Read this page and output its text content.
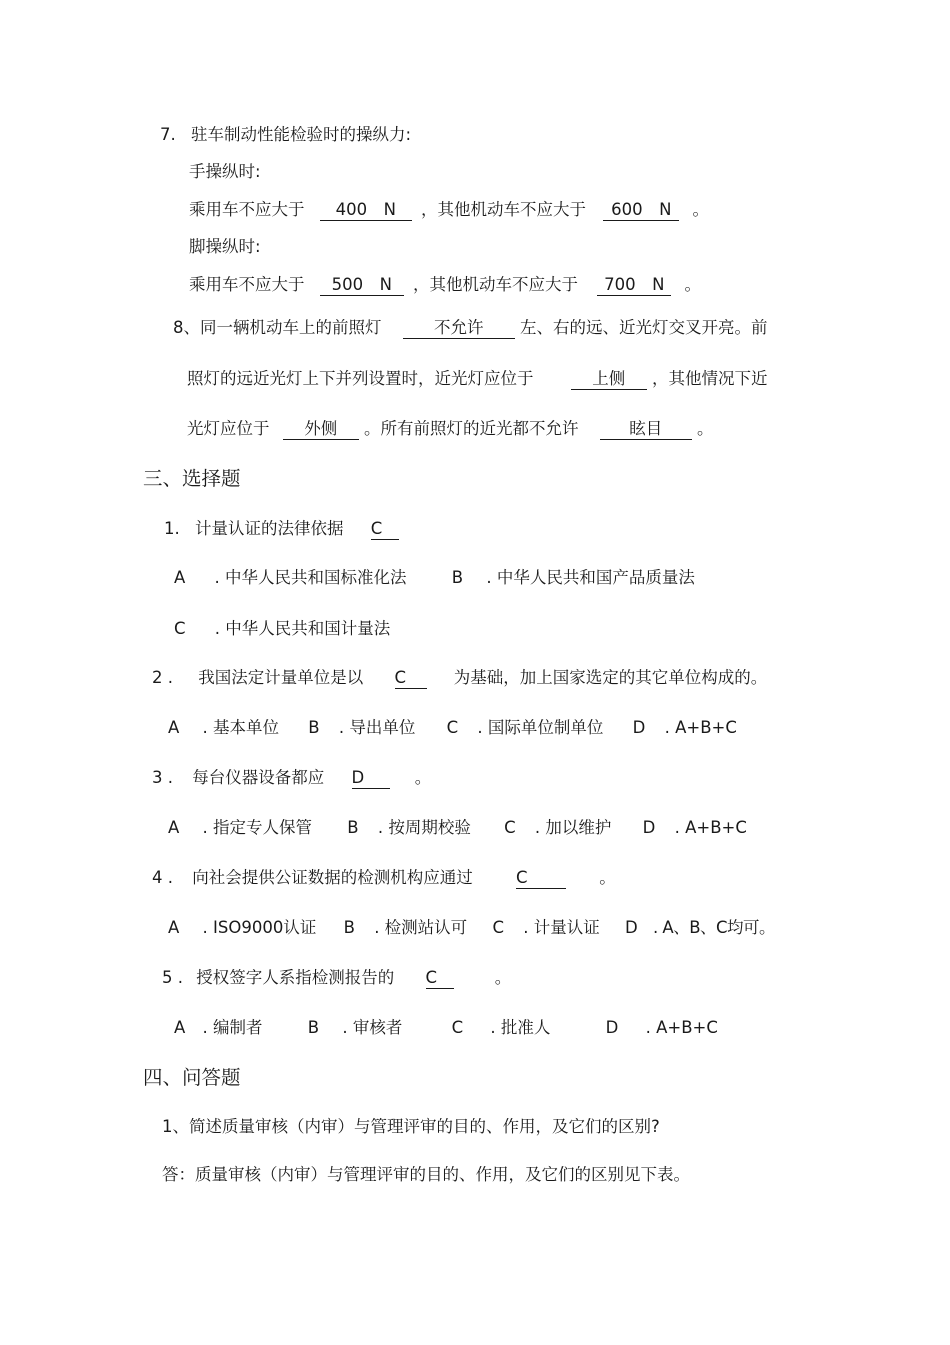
7. 驻车制动性能检验时的操纵力:
手操纵时:
乘用车不应大于 400　N ，其他机动车不应大于 600　N 。
脚操纵时:
乘用车不应大于 500　N ，其他机动车不应大于 700　N 。
8、同一辆机动车上的前照灯	不允许 左、右的远、近光灯交叉开亮。前
照灯的远近光灯上下并列设置时，近光灯应位于	上侧 ，其他情况下近
光灯应位于 外侧 。所有前照灯的近光都不允许	眩目 。
三、选择题
1. 计量认证的法律依据 C
A . 中华人民共和国标准化法	B . 中华人民共和国产品质量法
C . 中华人民共和国计量法
2 . 我国法定计量单位是以 C	为基础，加上国家选定的其它单位构成的。
A . 基本单位 B . 导出单位 C . 国际单位制单位 D . A+B+C
3 . 每台仪器设备都应 D	。
A . 指定专人保管 B . 按周期校验 C . 加以维护 D . A+B+C
4 . 向社会提供公证数据的检测机构应通过	C	。
A . ISO9000认证 B . 检测站认可 C . 计量认证 D . A、B、C均可。
5 . 授权签字人系指检测报告的 C	。
A . 编制者	B . 审核者	C . 批准人	D . A+B+C
四、问答题
1、简述质量审核（内审）与管理评审的目的、作用，及它们的区别?
答：质量审核（内审）与管理评审的目的、作用，及它们的区别见下表。
